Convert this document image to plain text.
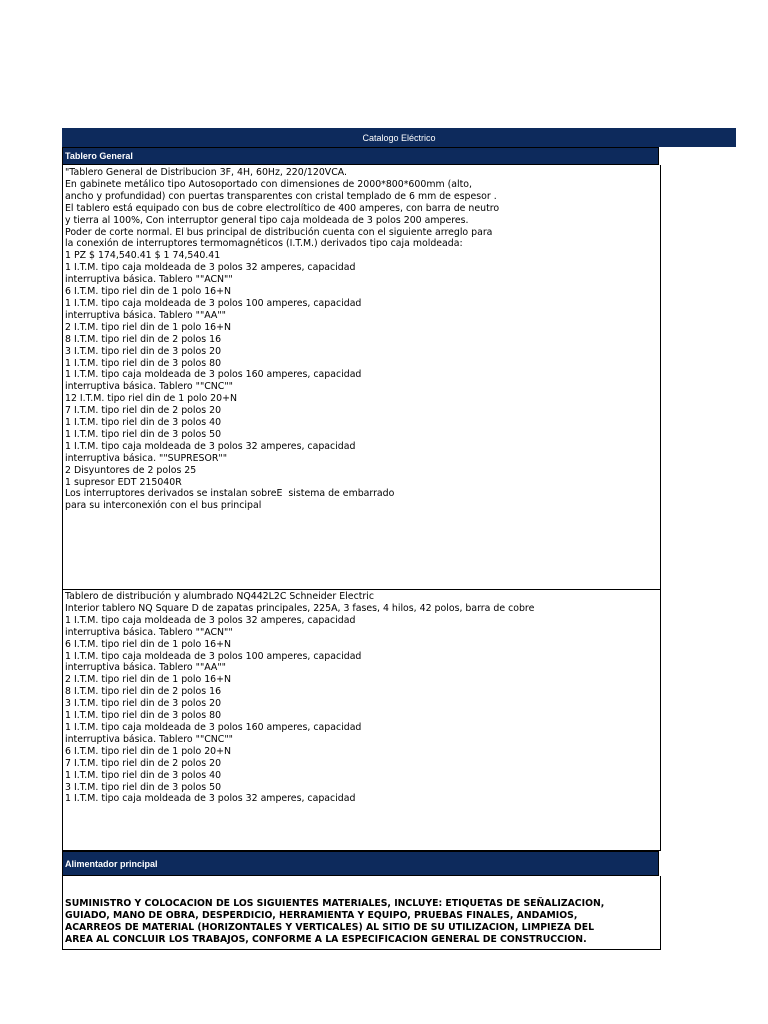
Catalogo Eléctrico
Tablero General
"Tablero General de Distribucion 3F, 4H, 60Hz, 220/120VCA.
En gabinete metálico tipo Autosoportado con dimensiones de 2000*800*600mm (alto,
ancho y profundidad) con puertas transparentes con cristal templado de 6 mm de espesor .
El tablero está equipado con bus de cobre electrolítico de 400 amperes, con barra de neutro
y tierra al 100%, Con interruptor general tipo caja moldeada de 3 polos 200 amperes.
Poder de corte normal. El bus principal de distribución cuenta con el siguiente arreglo para
la conexión de interruptores termomagnéticos (I.T.M.) derivados tipo caja moldeada:
1 PZ $ 174,540.41 $ 1 74,540.41
1 I.T.M. tipo caja moldeada de 3 polos 32 amperes, capacidad
interruptiva básica. Tablero ""ACN""
6 I.T.M. tipo riel din de 1 polo 16+N
1 I.T.M. tipo caja moldeada de 3 polos 100 amperes, capacidad
interruptiva básica. Tablero ""AA""
2 I.T.M. tipo riel din de 1 polo 16+N
8 I.T.M. tipo riel din de 2 polos 16
3 I.T.M. tipo riel din de 3 polos 20
1 I.T.M. tipo riel din de 3 polos 80
1 I.T.M. tipo caja moldeada de 3 polos 160 amperes, capacidad
interruptiva básica. Tablero ""CNC""
12 I.T.M. tipo riel din de 1 polo 20+N
7 I.T.M. tipo riel din de 2 polos 20
1 I.T.M. tipo riel din de 3 polos 40
1 I.T.M. tipo riel din de 3 polos 50
1 I.T.M. tipo caja moldeada de 3 polos 32 amperes, capacidad
interruptiva básica. ""SUPRESOR""
2 Disyuntores de 2 polos 25
1 supresor EDT 215040R
Los interruptores derivados se instalan sobreE  sistema de embarrado
para su interconexión con el bus principal
Tablero de distribución y alumbrado NQ442L2C Schneider Electric
Interior tablero NQ Square D de zapatas principales, 225A, 3 fases, 4 hilos, 42 polos, barra de cobre
1 I.T.M. tipo caja moldeada de 3 polos 32 amperes, capacidad
interruptiva básica. Tablero ""ACN""
6 I.T.M. tipo riel din de 1 polo 16+N
1 I.T.M. tipo caja moldeada de 3 polos 100 amperes, capacidad
interruptiva básica. Tablero ""AA""
2 I.T.M. tipo riel din de 1 polo 16+N
8 I.T.M. tipo riel din de 2 polos 16
3 I.T.M. tipo riel din de 3 polos 20
1 I.T.M. tipo riel din de 3 polos 80
1 I.T.M. tipo caja moldeada de 3 polos 160 amperes, capacidad
interruptiva básica. Tablero ""CNC""
6 I.T.M. tipo riel din de 1 polo 20+N
7 I.T.M. tipo riel din de 2 polos 20
1 I.T.M. tipo riel din de 3 polos 40
3 I.T.M. tipo riel din de 3 polos 50
1 I.T.M. tipo caja moldeada de 3 polos 32 amperes, capacidad
Alimentador principal
SUMINISTRO Y COLOCACION DE LOS SIGUIENTES MATERIALES, INCLUYE: ETIQUETAS DE SEÑALIZACION,
GUIADO, MANO DE OBRA, DESPERDICIO, HERRAMIENTA Y EQUIPO, PRUEBAS FINALES, ANDAMIOS,
ACARREOS DE MATERIAL (HORIZONTALES Y VERTICALES) AL SITIO DE SU UTILIZACION, LIMPIEZA DEL
AREA AL CONCLUIR LOS TRABAJOS, CONFORME A LA ESPECIFICACION GENERAL DE CONSTRUCCION.
